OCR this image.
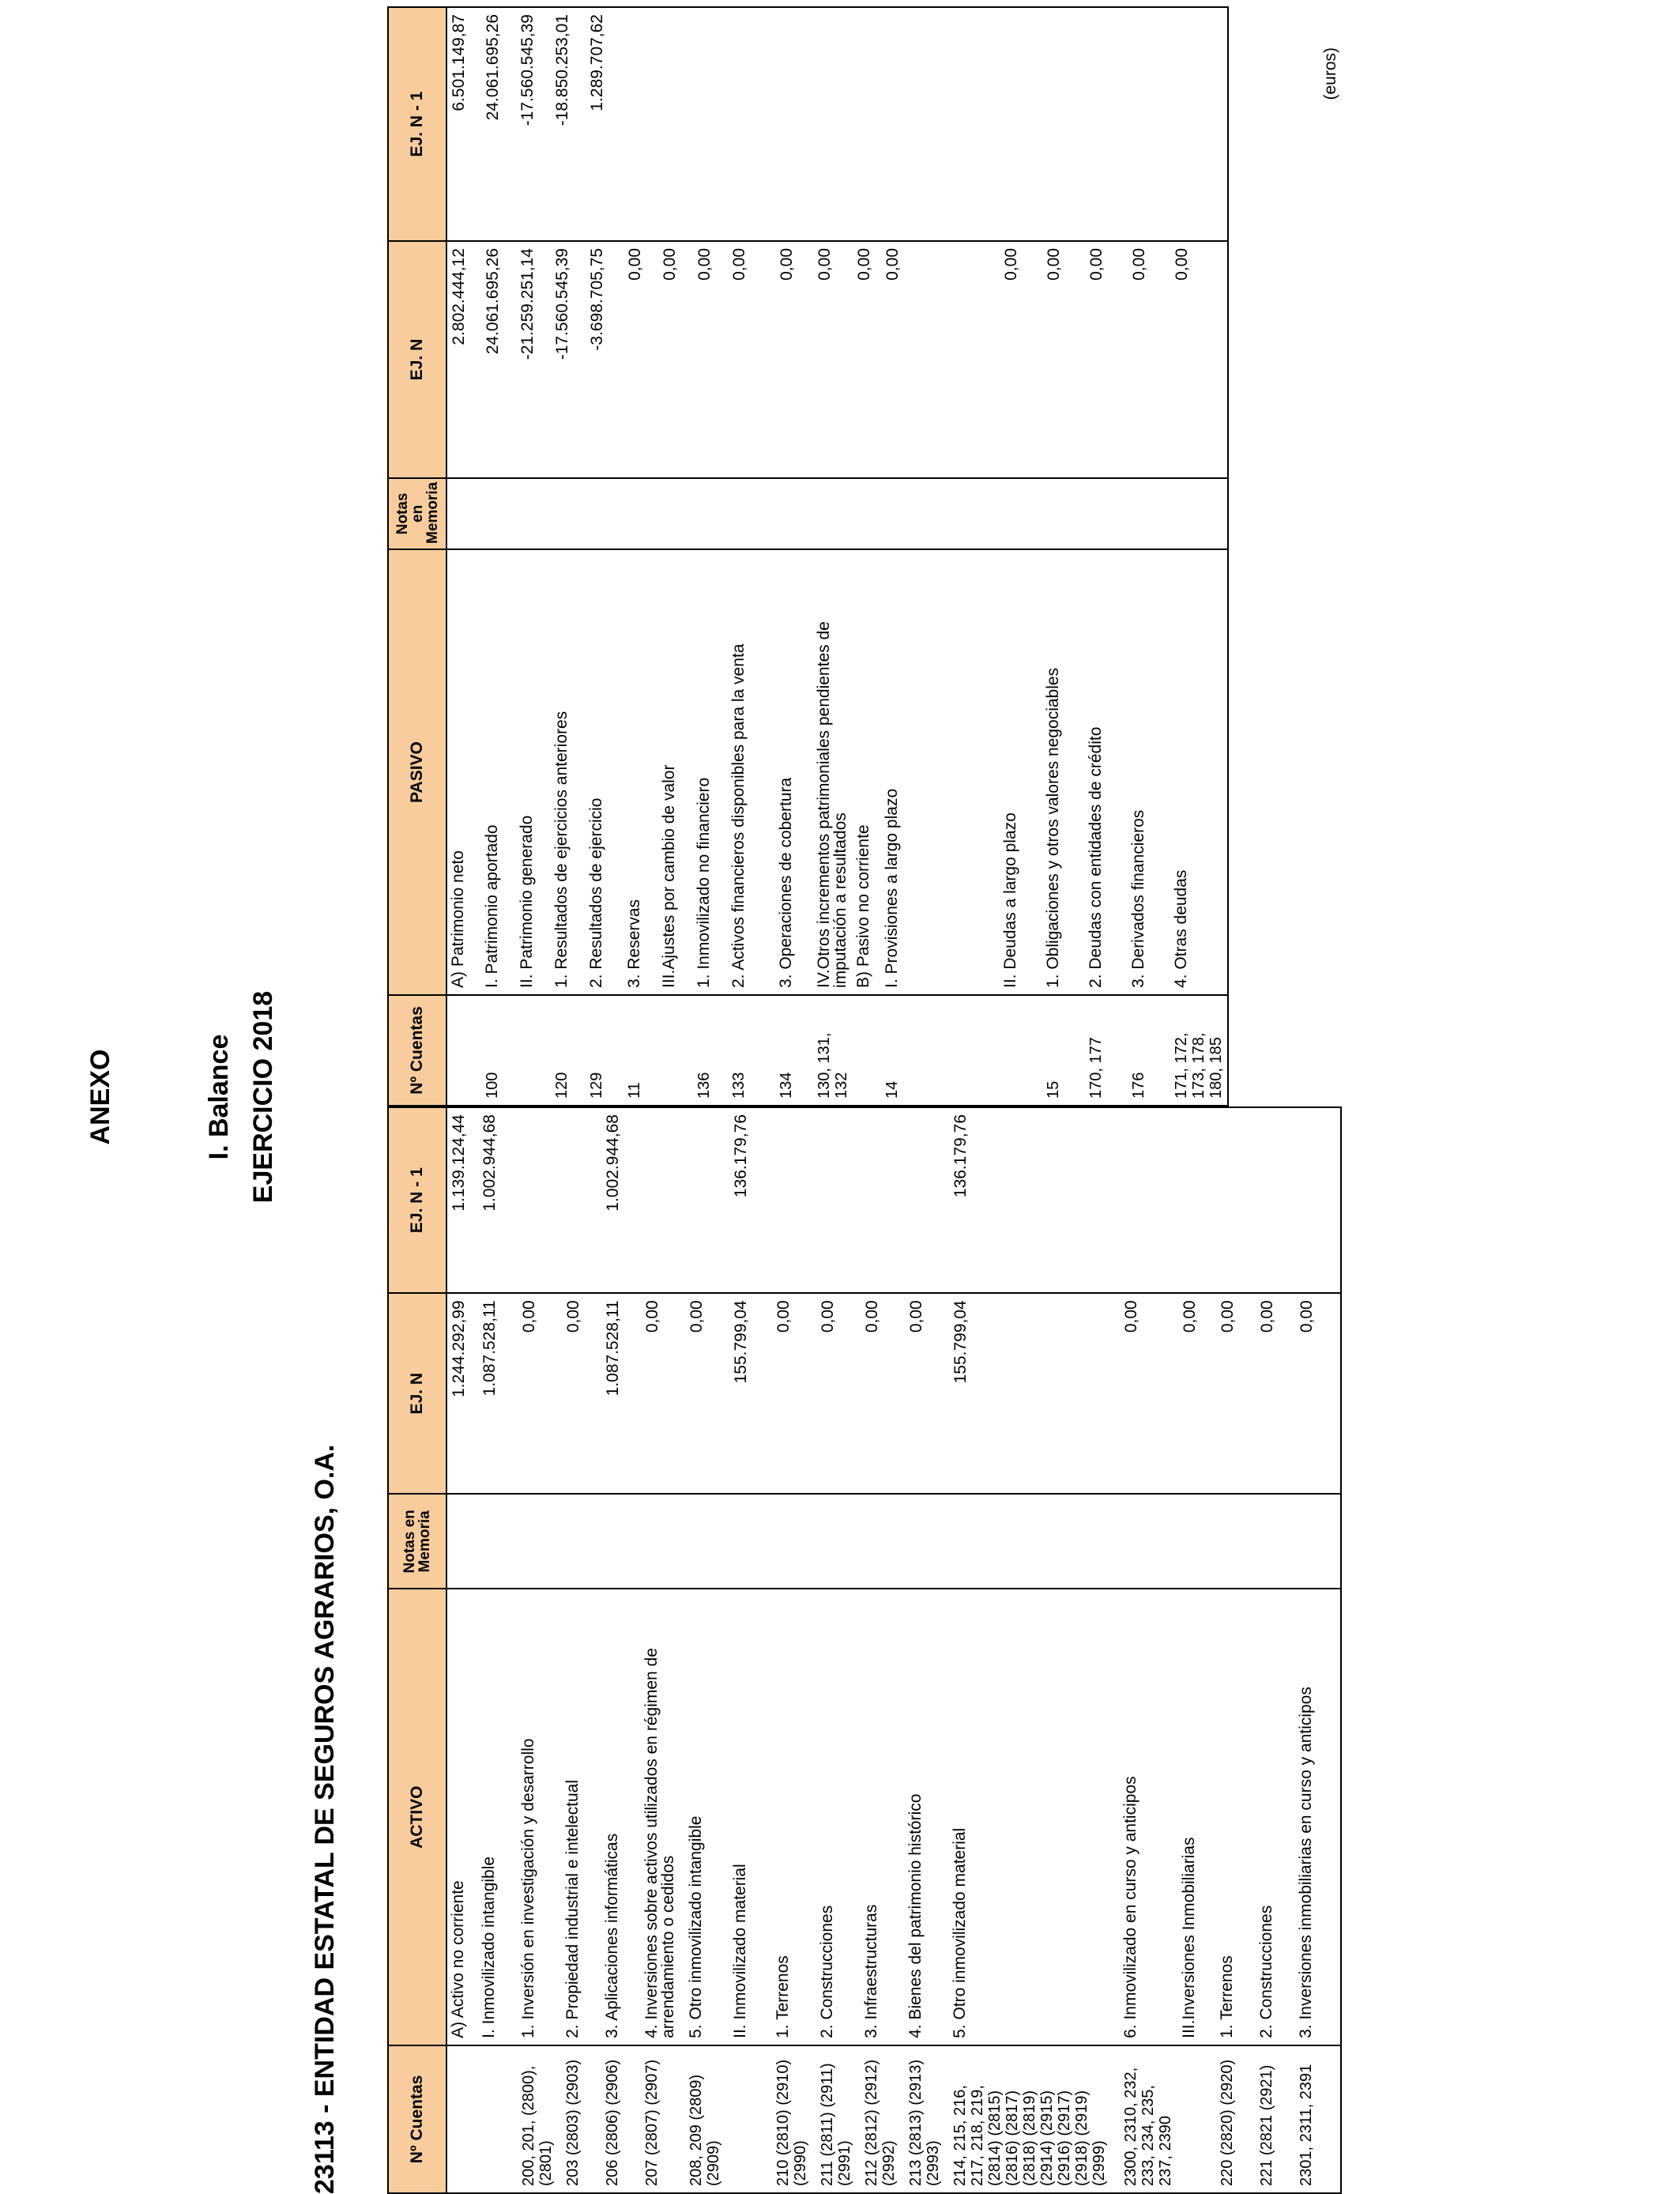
ANEXO	I. Balance EJERCICIO 2018
23113 - ENTIDAD ESTATAL DE SEGUROS AGRARIOS, O.A.
(euros)
Nº Cuentas	ACTIVO	Notas en Memoria	EJ. N	EJ. N - 1
	A) Activo no corriente		1.244.292,99	1.139.124,44
	I. Inmovilizado intangible		1.087.528,11	1.002.944,68
200, 201, (2800), (2801)	1. Inversión en investigación y desarrollo		0,00	
203 (2803) (2903)	2. Propiedad industrial e intelectual		0,00	
206 (2806) (2906)	3. Aplicaciones informáticas		1.087.528,11	1.002.944,68
207 (2807) (2907)	4. Inversiones sobre activos utilizados en régimen de arrendamiento o cedidos		0,00	
208, 209 (2809) (2909)	5. Otro inmovilizado intangible		0,00	
	II. Inmovilizado material		155.799,04	136.179,76
210 (2810) (2910) (2990)	1. Terrenos		0,00	
211 (2811) (2911) (2991)	2. Construcciones		0,00	
212 (2812) (2912) (2992)	3. Infraestructuras		0,00	
213 (2813) (2913) (2993)	4. Bienes del patrimonio histórico		0,00	
214, 215, 216, 217, 218, 219, (2814) (2815) (2816) (2817) (2818) (2819) (2914) (2915) (2916) (2917) (2918) (2919) (2999)	5. Otro inmovilizado material		155.799,04	136.179,76
2300, 2310, 232, 233, 234, 235, 237, 2390	6. Inmovilizado en curso y anticipos		0,00	
	III.Inversiones Inmobiliarias		0,00	
220 (2820) (2920)	1. Terrenos		0,00	
221 (2821 (2921)	2. Construcciones		0,00	
2301, 2311, 2391	3. Inversiones inmobiliarias en curso y anticipos		0,00	
Nº Cuentas	PASIVO	Notas en Memoria	EJ. N	EJ. N - 1
	A) Patrimonio neto		2.802.444,12	6.501.149,87
100	I. Patrimonio aportado		24.061.695,26	24.061.695,26
	II. Patrimonio generado		-21.259.251,14	-17.560.545,39
120	1. Resultados de ejercicios anteriores		-17.560.545,39	-18.850.253,01
129	2. Resultados de ejercicio		-3.698.705,75	1.289.707,62
11	3. Reservas		0,00	
	III.Ajustes por cambio de valor		0,00	
136	1. Inmovilizado no financiero		0,00	
133	2. Activos financieros disponibles para la venta		0,00	
134	3. Operaciones de cobertura		0,00	
130, 131, 132	IV.Otros incrementos patrimoniales pendientes de imputación a resultados		0,00	
	B) Pasivo no corriente		0,00	
14	I. Provisiones a largo plazo		0,00	
	II. Deudas a largo plazo		0,00	
15	1. Obligaciones y otros valores negociables		0,00	
170, 177	2. Deudas con entidades de crédito		0,00	
176	3. Derivados financieros		0,00	
171, 172, 173, 178, 180, 185	4. Otras deudas		0,00	
